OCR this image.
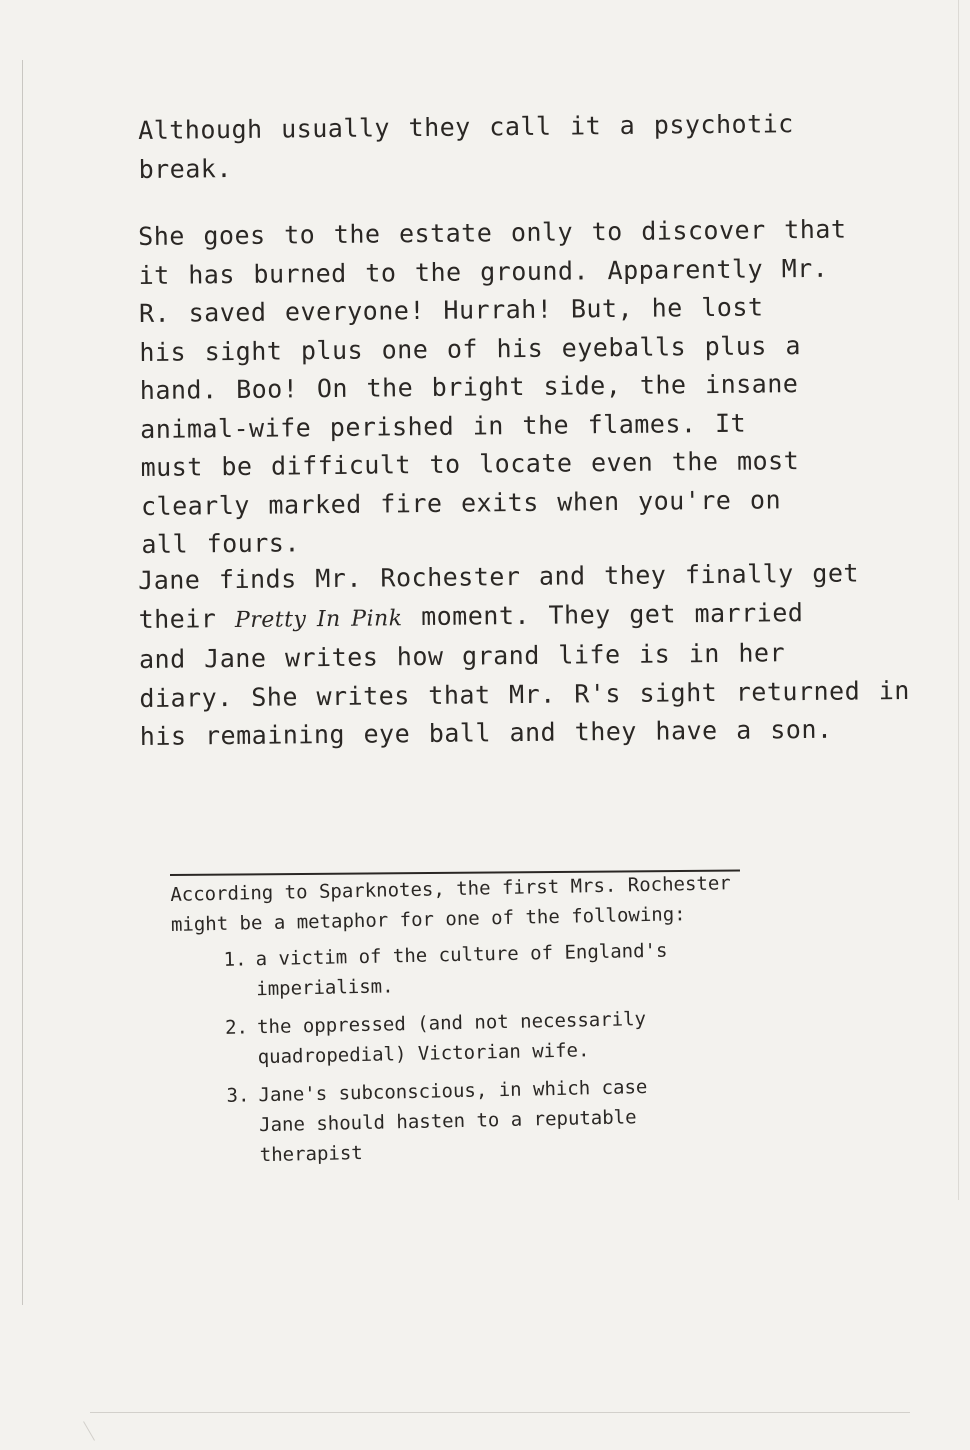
Although usually they call it a psychotic
break.
She goes to the estate only to discover that
it has burned to the ground. Apparently Mr.
R. saved everyone! Hurrah! But, he lost
his sight plus one of his eyeballs plus a
hand. Boo! On the bright side, the insane
animal-wife perished in the flames. It
must be difficult to locate even the most
clearly marked fire exits when you're on
all fours.
Jane finds Mr. Rochester and they finally get
their Pretty In Pink moment. They get married
and Jane writes how grand life is in her
diary. She writes that Mr. R's sight returned in
his remaining eye ball and they have a son.
According to Sparknotes, the first Mrs. Rochester
might be a metaphor for one of the following:
1. a victim of the culture of England's
imperialism.
2. the oppressed (and not necessarily
quadropedial) Victorian wife.
3. Jane's subconscious, in which case
Jane should hasten to a reputable
therapist
